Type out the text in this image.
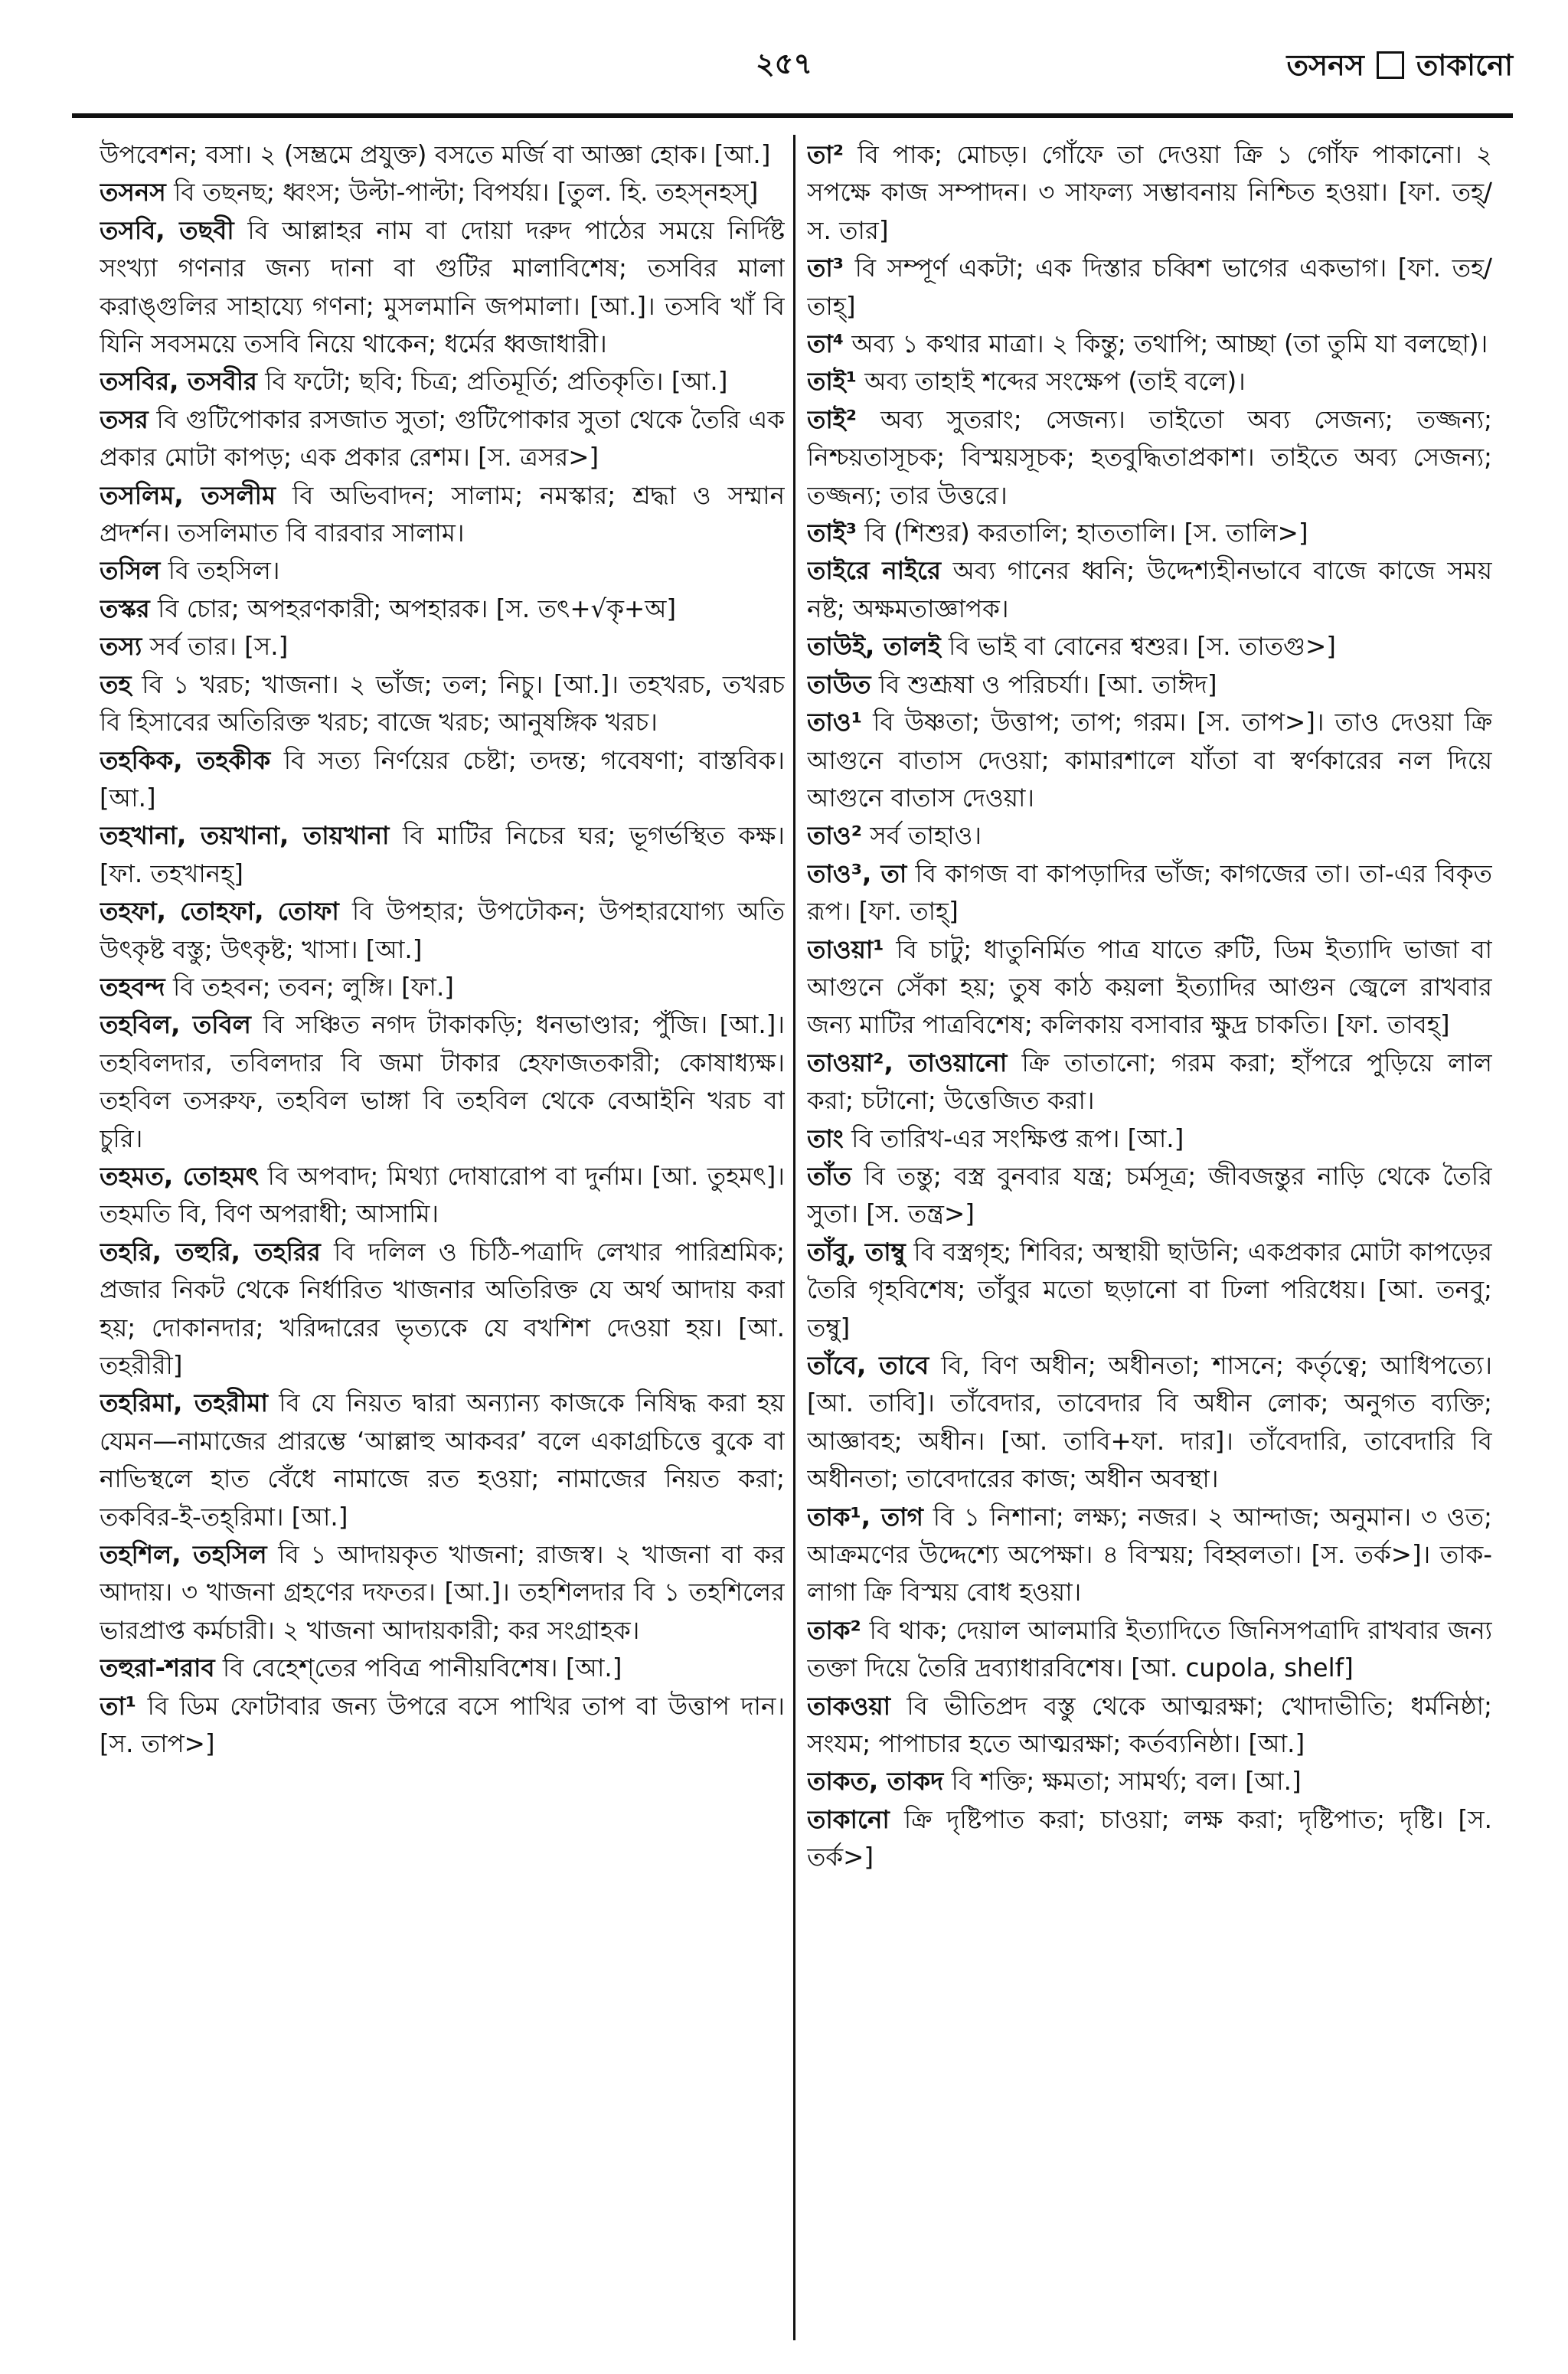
২৫৭	তসনস তাকানো
উপবেশন; বসা। ২ (সম্ভ্রমে প্রযুক্ত) বসতে মর্জি বা আজ্ঞা হোক। [আ.]
তসনস বি তছনছ; ধ্বংস; উল্টা-পাল্টা; বিপর্যয়। [তুল. হি. তহস্‌নহস্‌]
তসবি, তছবী বি আল্লাহর নাম বা দোয়া দরুদ পাঠের সময়ে নির্দিষ্ট সংখ্যা গণনার জন্য দানা বা গুটির মালাবিশেষ; তসবির মালা করাঙ্গুলির সাহায্যে গণনা; মুসলমানি জপমালা। [আ.]। তসবি খাঁ বি যিনি সবসময়ে তসবি নিয়ে থাকেন; ধর্মের ধ্বজাধারী।
তসবির, তসবীর বি ফটো; ছবি; চিত্র; প্রতিমূর্তি; প্রতিকৃতি। [আ.]
তসর বি গুটিপোকার রসজাত সুতা; গুটিপোকার সুতা থেকে তৈরি এক প্রকার মোটা কাপড়; এক প্রকার রেশম। [স. ত্রসর>]
তসলিম, তসলীম বি অভিবাদন; সালাম; নমস্কার; শ্রদ্ধা ও সম্মান প্রদর্শন। তসলিমাত বি বারবার সালাম।
তসিল বি তহসিল।
তস্কর বি চোর; অপহরণকারী; অপহারক। [স. তৎ+√কৃ+অ]
তস্য সর্ব তার। [স.]
তহ বি ১ খরচ; খাজনা। ২ ভাঁজ; তল; নিচু। [আ.]। তহখরচ, তখরচ বি হিসাবের অতিরিক্ত খরচ; বাজে খরচ; আনুষঙ্গিক খরচ।
তহকিক, তহকীক বি সত্য নির্ণয়ের চেষ্টা; তদন্ত; গবেষণা; বাস্তবিক। [আ.]
তহখানা, তয়খানা, তায়খানা বি মাটির নিচের ঘর; ভূগর্ভস্থিত কক্ষ। [ফা. তহখানহ্‌]
তহফা, তোহফা, তোফা বি উপহার; উপঢৌকন; উপহারযোগ্য অতি উৎকৃষ্ট বস্তু; উৎকৃষ্ট; খাসা। [আ.]
তহবন্দ বি তহবন; তবন; লুঙ্গি। [ফা.]
তহবিল, তবিল বি সঞ্চিত নগদ টাকাকড়ি; ধনভাণ্ডার; পুঁজি। [আ.]। তহবিলদার, তবিলদার বি জমা টাকার হেফাজতকারী; কোষাধ্যক্ষ। তহবিল তসরুফ, তহবিল ভাঙ্গা বি তহবিল থেকে বেআইনি খরচ বা চুরি।
তহমত, তোহমৎ বি অপবাদ; মিথ্যা দোষারোপ বা দুর্নাম। [আ. তুহমৎ]। তহমতি বি, বিণ অপরাধী; আসামি।
তহরি, তহুরি, তহরির বি দলিল ও চিঠি-পত্রাদি লেখার পারিশ্রমিক; প্রজার নিকট থেকে নির্ধারিত খাজনার অতিরিক্ত যে অর্থ আদায় করা হয়; দোকানদার; খরিদ্দারের ভৃত্যকে যে বখশিশ দেওয়া হয়। [আ. তহরীরী]
তহরিমা, তহরীমা বি যে নিয়ত দ্বারা অন্যান্য কাজকে নিষিদ্ধ করা হয় যেমন—নামাজের প্রারম্ভে ‘আল্লাহু আকবর’ বলে একাগ্রচিত্তে বুকে বা নাভিস্থলে হাত বেঁধে নামাজে রত হওয়া; নামাজের নিয়ত করা; তকবির-ই-তহ্‌রিমা। [আ.]
তহশিল, তহসিল বি ১ আদায়কৃত খাজনা; রাজস্ব। ২ খাজনা বা কর আদায়। ৩ খাজনা গ্রহণের দফতর। [আ.]। তহশিলদার বি ১ তহশিলের ভারপ্রাপ্ত কর্মচারী। ২ খাজনা আদায়কারী; কর সংগ্রাহক।
তহুরা-শরাব বি বেহেশ্‌তের পবিত্র পানীয়বিশেষ। [আ.]
তা¹ বি ডিম ফোটাবার জন্য উপরে বসে পাখির তাপ বা উত্তাপ দান। [স. তাপ>]
তা² বি পাক; মোচড়। গোঁফে তা দেওয়া ক্রি ১ গোঁফ পাকানো। ২ সপক্ষে কাজ সম্পাদন। ৩ সাফল্য সম্ভাবনায় নিশ্চিত হওয়া। [ফা. তহ্‌/স. তার]
তা³ বি সম্পূর্ণ একটা; এক দিস্তার চব্বিশ ভাগের একভাগ। [ফা. তহ/তাহ্‌]
তা⁴ অব্য ১ কথার মাত্রা। ২ কিন্তু; তথাপি; আচ্ছা (তা তুমি যা বলছো)।
তাই¹ অব্য তাহাই শব্দের সংক্ষেপ (তাই বলে)।
তাই² অব্য সুতরাং; সেজন্য। তাইতো অব্য সেজন্য; তজ্জন্য; নিশ্চয়তাসূচক; বিস্ময়সূচক; হতবুদ্ধিতাপ্রকাশ। তাইতে অব্য সেজন্য; তজ্জন্য; তার উত্তরে।
তাই³ বি (শিশুর) করতালি; হাততালি। [স. তালি>]
তাইরে নাইরে অব্য গানের ধ্বনি; উদ্দেশ্যহীনভাবে বাজে কাজে সময় নষ্ট; অক্ষমতাজ্ঞাপক।
তাউই, তালই বি ভাই বা বোনের শ্বশুর। [স. তাতগু>]
তাউত বি শুশ্রূষা ও পরিচর্যা। [আ. তাঈদ]
তাও¹ বি উষ্ণতা; উত্তাপ; তাপ; গরম। [স. তাপ>]। তাও দেওয়া ক্রি আগুনে বাতাস দেওয়া; কামারশালে যাঁতা বা স্বর্ণকারের নল দিয়ে আগুনে বাতাস দেওয়া।
তাও² সর্ব তাহাও।
তাও³, তা বি কাগজ বা কাপড়াদির ভাঁজ; কাগজের তা। তা-এর বিকৃত রূপ। [ফা. তাহ্‌]
তাওয়া¹ বি চাটু; ধাতুনির্মিত পাত্র যাতে রুটি, ডিম ইত্যাদি ভাজা বা আগুনে সেঁকা হয়; তুষ কাঠ কয়লা ইত্যাদির আগুন জ্বেলে রাখবার জন্য মাটির পাত্রবিশেষ; কলিকায় বসাবার ক্ষুদ্র চাকতি। [ফা. তাবহ্‌]
তাওয়া², তাওয়ানো ক্রি তাতানো; গরম করা; হাঁপরে পুড়িয়ে লাল করা; চটানো; উত্তেজিত করা।
তাং বি তারিখ-এর সংক্ষিপ্ত রূপ। [আ.]
তাঁত বি তন্তু; বস্ত্র বুনবার যন্ত্র; চর্মসূত্র; জীবজন্তুর নাড়ি থেকে তৈরি সুতা। [স. তন্ত্র>]
তাঁবু, তাম্বু বি বস্ত্রগৃহ; শিবির; অস্থায়ী ছাউনি; একপ্রকার মোটা কাপড়ের তৈরি গৃহবিশেষ; তাঁবুর মতো ছড়ানো বা ঢিলা পরিধেয়। [আ. তনবু; তম্বু]
তাঁবে, তাবে বি, বিণ অধীন; অধীনতা; শাসনে; কর্তৃত্বে; আধিপত্যে। [আ. তাবি]। তাঁবেদার, তাবেদার বি অধীন লোক; অনুগত ব্যক্তি; আজ্ঞাবহ; অধীন। [আ. তাবি+ফা. দার]। তাঁবেদারি, তাবেদারি বি অধীনতা; তাবেদারের কাজ; অধীন অবস্থা।
তাক¹, তাগ বি ১ নিশানা; লক্ষ্য; নজর। ২ আন্দাজ; অনুমান। ৩ ওত; আক্রমণের উদ্দেশ্যে অপেক্ষা। ৪ বিস্ময়; বিহ্বলতা। [স. তর্ক>]। তাক-লাগা ক্রি বিস্ময় বোধ হওয়া।
তাক² বি থাক; দেয়াল আলমারি ইত্যাদিতে জিনিসপত্রাদি রাখবার জন্য তক্তা দিয়ে তৈরি দ্রব্যাধারবিশেষ। [আ. cupola, shelf]
তাকওয়া বি ভীতিপ্রদ বস্তু থেকে আত্মরক্ষা; খোদাভীতি; ধর্মনিষ্ঠা; সংযম; পাপাচার হতে আত্মরক্ষা; কর্তব্যনিষ্ঠা। [আ.]
তাকত, তাকদ বি শক্তি; ক্ষমতা; সামর্থ্য; বল। [আ.]
তাকানো ক্রি দৃষ্টিপাত করা; চাওয়া; লক্ষ করা; দৃষ্টিপাত; দৃষ্টি। [স. তর্ক>]
